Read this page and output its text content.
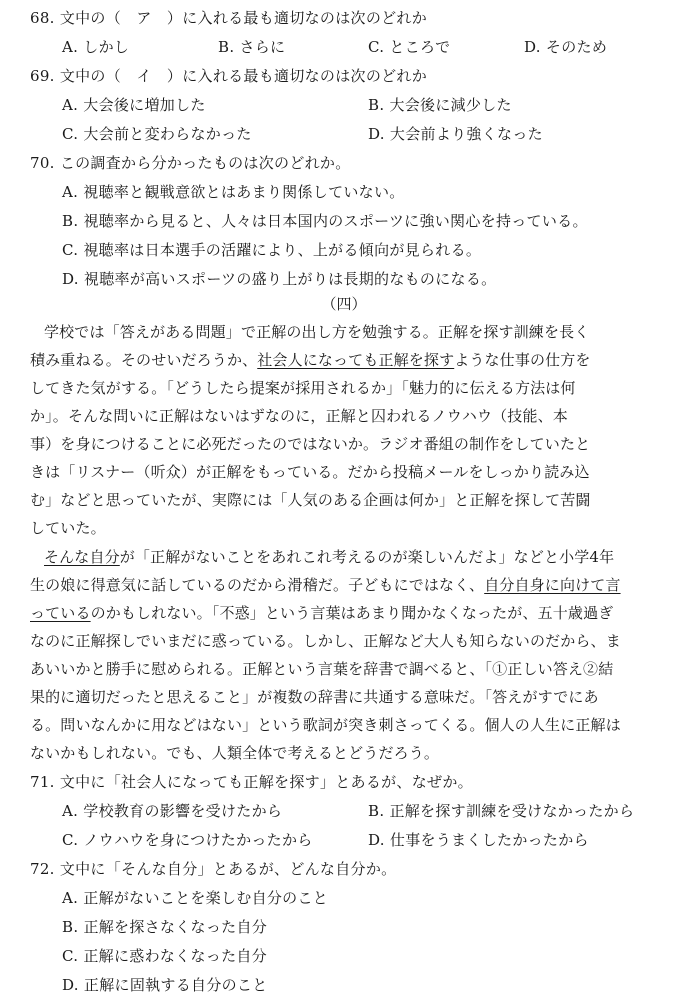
68. 文中の（　ア　）に入れる最も適切なのは次のどれか
A. しかし	B. さらに	C. ところで	D. そのため
69. 文中の（　イ　）に入れる最も適切なのは次のどれか
A. 大会後に増加した	B. 大会後に減少した
C. 大会前と変わらなかった	D. 大会前より強くなった
70. この調査から分かったものは次のどれか。
A. 視聴率と観戦意欲とはあまり関係していない。
B. 視聴率から見ると、人々は日本国内のスポーツに強い関心を持っている。
C. 視聴率は日本選手の活躍により、上がる傾向が見られる。
D. 視聴率が高いスポーツの盛り上がりは長期的なものになる。
（四）
学校では「答えがある問題」で正解の出し方を勉強する。正解を探す訓練を長く
積み重ねる。そのせいだろうか、社会人になっても正解を探すような仕事の仕方を
してきた気がする。「どうしたら提案が採用されるか」「魅力的に伝える方法は何
か」。そんな問いに正解はないはずなのに，正解と囚われるノウハウ（技能、本
事）を身につけることに必死だったのではないか。ラジオ番組の制作をしていたと
きは「リスナー（听众）が正解をもっている。だから投稿メールをしっかり読み込
む」などと思っていたが、実際には「人気のある企画は何か」と正解を探して苦闘
していた。
そんな自分が「正解がないことをあれこれ考えるのが楽しいんだよ」などと小学4年
生の娘に得意気に話しているのだから滑稽だ。子どもにではなく、自分自身に向けて言
っているのかもしれない。「不惑」という言葉はあまり聞かなくなったが、五十歳過ぎ
なのに正解探しでいまだに惑っている。しかし、正解など大人も知らないのだから、ま
あいいかと勝手に慰められる。正解という言葉を辞書で調べると、「①正しい答え②結
果的に適切だったと思えること」が複数の辞書に共通する意味だ。「答えがすでにあ
る。問いなんかに用などはない」という歌詞が突き刺さってくる。個人の人生に正解は
ないかもしれない。でも、人類全体で考えるとどうだろう。
71. 文中に「社会人になっても正解を探す」とあるが、なぜか。
A. 学校教育の影響を受けたから	B. 正解を探す訓練を受けなかったから
C. ノウハウを身につけたかったから	D. 仕事をうまくしたかったから
72. 文中に「そんな自分」とあるが、どんな自分か。
A. 正解がないことを楽しむ自分のこと
B. 正解を探さなくなった自分
C. 正解に惑わなくなった自分
D. 正解に固執する自分のこと
